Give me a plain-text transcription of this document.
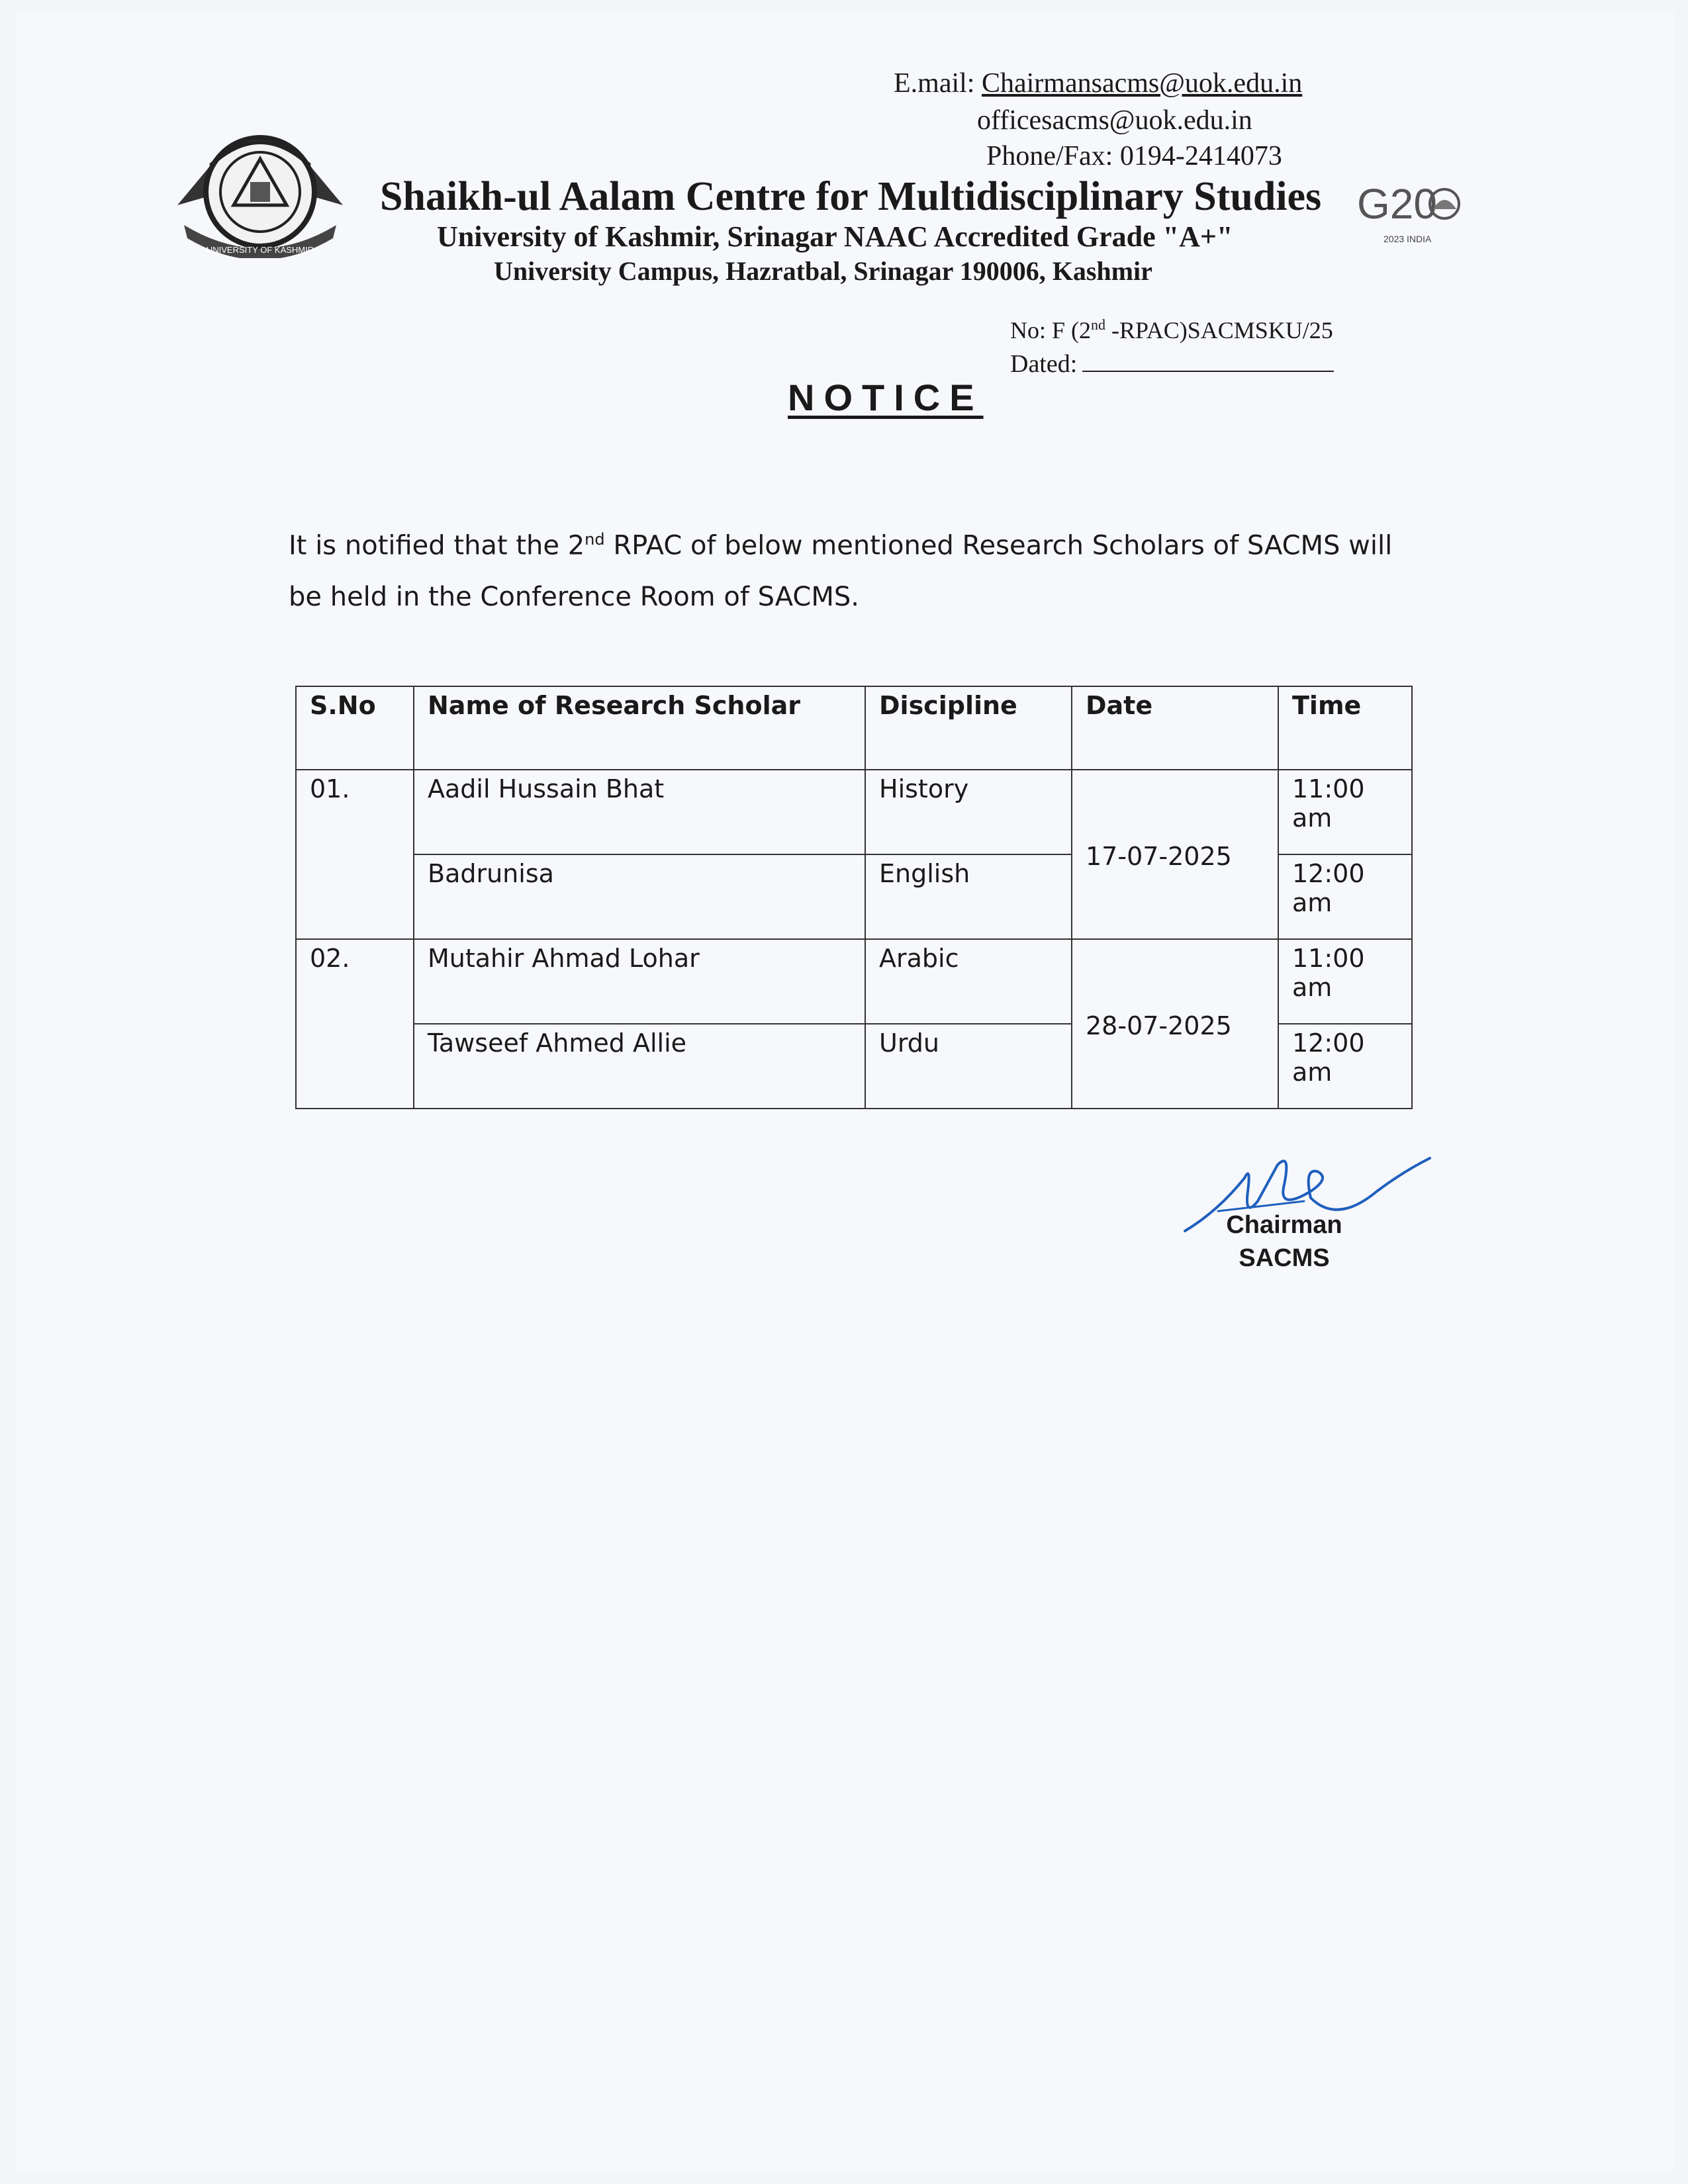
E.mail: Chairmansacms@uok.edu.in
officesacms@uok.edu.in
Phone/Fax: 0194-2414073
UNIVERSITY OF KASHMIR
G20
2023 INDIA
Shaikh-ul Aalam Centre for Multidisciplinary Studies
University of Kashmir, Srinagar NAAC Accredited Grade "A+"
University Campus, Hazratbal, Srinagar 190006, Kashmir
No: F (2nd -RPAC)SACMSKU/25
Dated:
NOTICE
It is notified that the 2nd RPAC of below mentioned Research Scholars of SACMS will be held in the Conference Room of SACMS.
S.No	Name of Research Scholar	Discipline	Date	Time
01.	Aadil Hussain Bhat	History	17-07-2025	11:00 am
	Badrunisa	English		12:00 am
02.	Mutahir Ahmad Lohar	Arabic	28-07-2025	11:00 am
	Tawseef Ahmed Allie	Urdu		12:00 am
Chairman
SACMS
